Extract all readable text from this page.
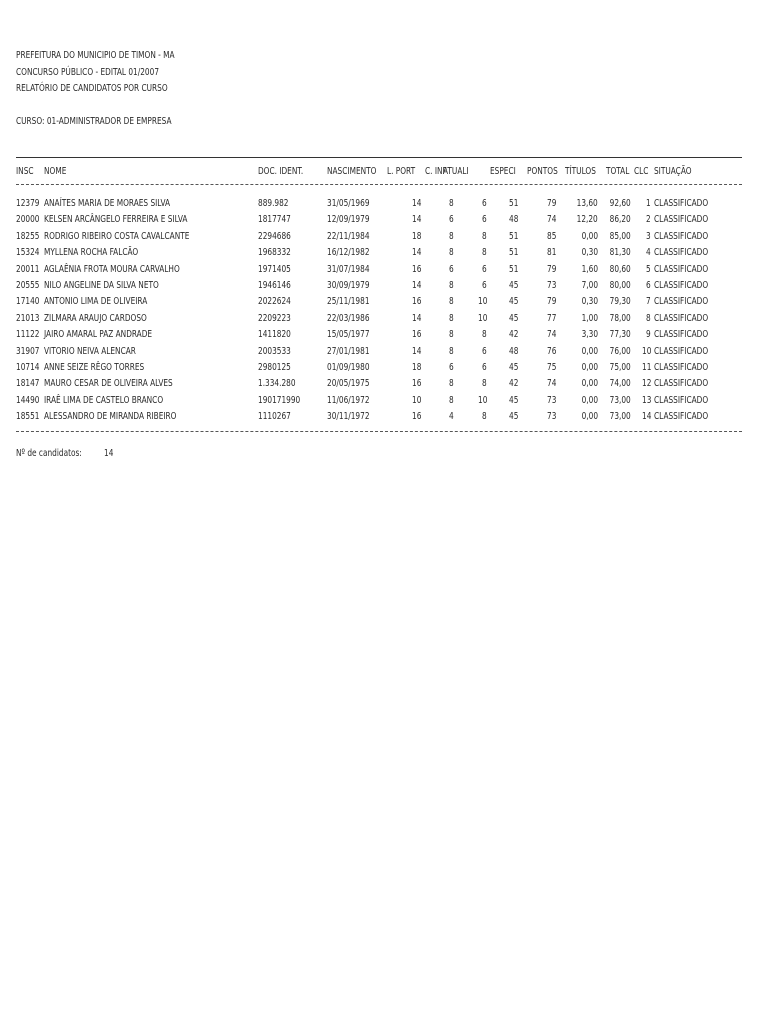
PREFEITURA DO MUNICIPIO DE TIMON - MA
CONCURSO PÚBLICO - EDITAL 01/2007
RELATÓRIO DE CANDIDATOS POR CURSO
CURSO: 01-ADMINISTRADOR DE EMPRESA
INSC NOME	DOC. IDENT. NASCIMENTO L. PORT C. INF
ATUALI ESPECI PONTOS TÍTULOS TOTAL CLC SITUAÇÃO
12379 ANAÍTES MARIA DE MORAES SILVA	889.982	31/05/1969	14	8	6 51	79 13,60 92,60 1 CLASSIFICADO
20000 KELSEN ARCÂNGELO FERREIRA E SILVA	1817747	12/09/1979	14	6	6 48	74 12,20 86,20 2 CLASSIFICADO
18255 RODRIGO RIBEIRO COSTA CAVALCANTE	2294686	22/11/1984	18	8	8 51	85	0,00 85,00 3 CLASSIFICADO
15324 MYLLENA ROCHA FALCÃO	1968332	16/12/1982	14	8	8 51	81	0,30 81,30 4 CLASSIFICADO
20011 AGLAÊNIA FROTA MOURA CARVALHO	1971405	31/07/1984	16	6	6 51	79	1,60 80,60 5 CLASSIFICADO
20555 NILO ANGELINE DA SILVA NETO	1946146	30/09/1979	14	8	6 45	73	7,00 80,00 6 CLASSIFICADO
17140 ANTONIO LIMA DE OLIVEIRA	2022624	25/11/1981	16	8 10 45	79	0,30 79,30 7 CLASSIFICADO
21013 ZILMARA ARAUJO CARDOSO	2209223	22/03/1986	14	8 10 45	77	1,00 78,00 8 CLASSIFICADO
11122 JAIRO AMARAL PAZ ANDRADE	1411820	15/05/1977	16	8	8 42	74	3,30 77,30 9 CLASSIFICADO
31907 VITORIO NEIVA ALENCAR	2003533	27/01/1981	14	8	6 48	76	0,00 76,00 10 CLASSIFICADO
10714 ANNE SEIZE RÊGO TORRES	2980125	01/09/1980	18	6	6 45	75	0,00 75,00 11 CLASSIFICADO
18147 MAURO CESAR DE OLIVEIRA ALVES	1.334.280	20/05/1975	16	8	8 42	74	0,00 74,00 12 CLASSIFICADO
14490 IRAÊ LIMA DE CASTELO BRANCO	190171990	11/06/1972	10	8 10 45	73	0,00 73,00 13 CLASSIFICADO
18551 ALESSANDRO DE MIRANDA RIBEIRO	1110267	30/11/1972	16	4	8 45	73	0,00 73,00 14 CLASSIFICADO
Nº de candidatos: 14
